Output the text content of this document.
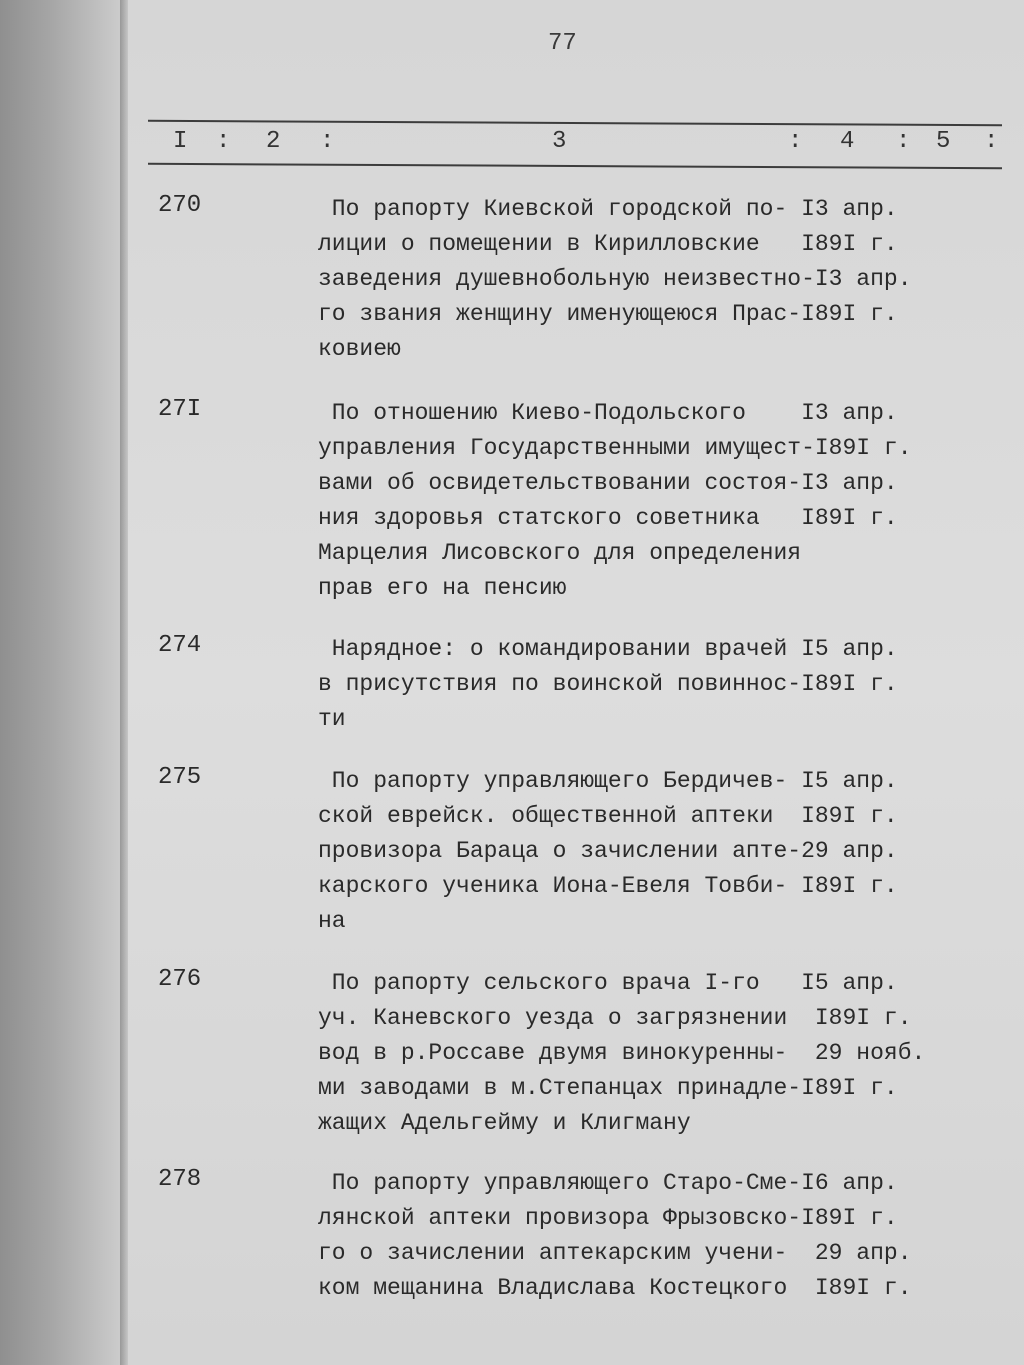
77
I : 2 :	3	: 4 : 5 :
270	По рапорту Киевской городской по- I3 апр.
лиции о помещении в Кирилловские   I89I г.
заведения душевнобольную неизвестно-I3 апр.
го звания женщину именующеюся Прас-I89I г.
ковиею
27I	По отношению Киево-Подольского    I3 апр.
управления Государственными имущест-I89I г.
вами об освидетельствовании состоя-I3 апр.
ния здоровья статского советника   I89I г.
Марцелия Лисовского для определения
прав его на пенсию
274	Нарядное: о командировании врачей I5 апр.
в присутствия по воинской повиннос-I89I г.
ти
275	По рапорту управляющего Бердичев- I5 апр.
ской еврейск. общественной аптеки  I89I г.
провизора Бараца о зачислении апте-29 апр.
карского ученика Иона-Евеля Товби- I89I г.
на
276	По рапорту сельского врача I-го   I5 апр.
уч. Каневского уезда о загрязнении  I89I г.
вод в р.Россаве двумя винокуренны-  29 нояб.
ми заводами в м.Степанцах принадле-I89I г.
жащих Адельгейму и Клигману
278	По рапорту управляющего Старо-Сме-I6 апр.
лянской аптеки провизора Фрызовско-I89I г.
го о зачислении аптекарским учени-  29 апр.
ком мещанина Владислава Костецкого  I89I г.
